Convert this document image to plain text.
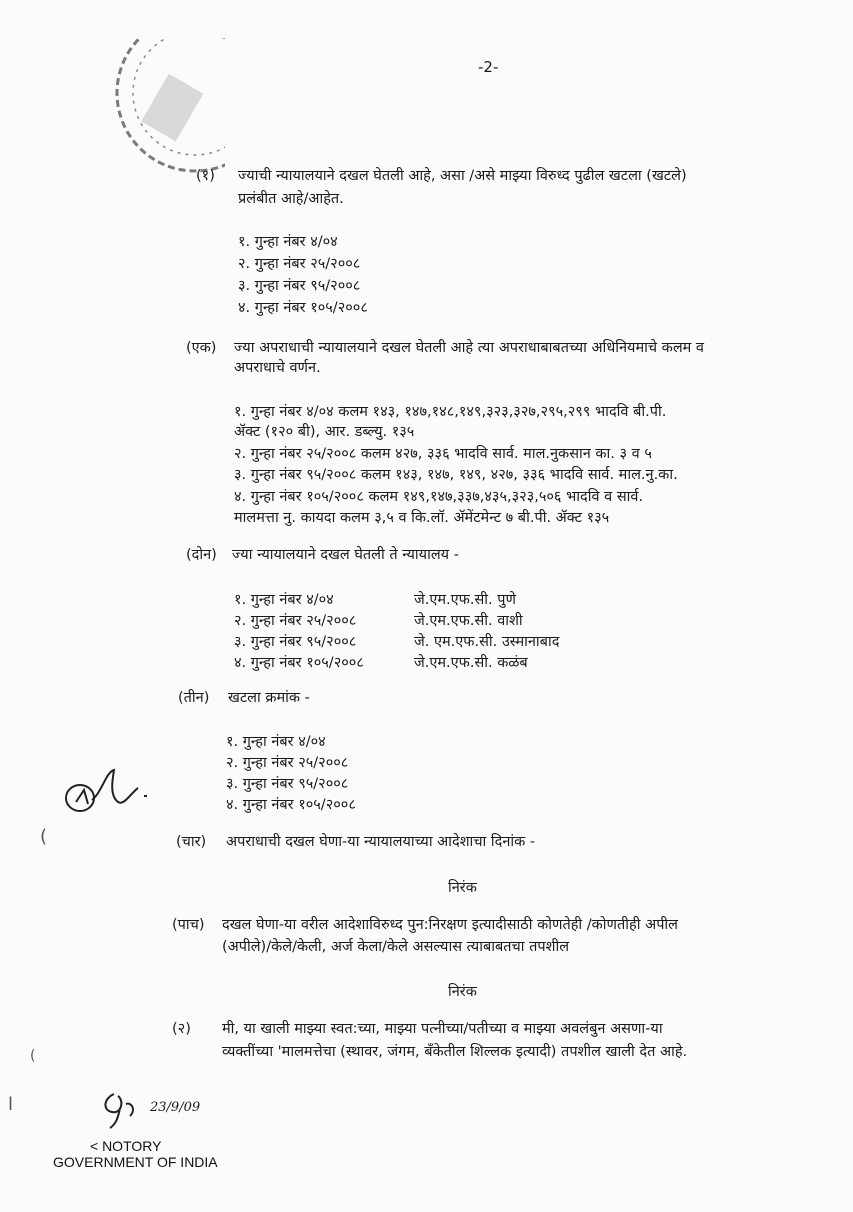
-2-
(१) ज्याची न्यायालयाने दखल घेतली आहे, असा /असे माझ्या विरुध्द पुढील खटला (खटले)
प्रलंबीत आहे/आहेत.
१. गुन्हा नंबर ४/०४
२. गुन्हा नंबर २५/२००८
३. गुन्हा नंबर ९५/२००८
४. गुन्हा नंबर १०५/२००८
(एक) ज्या अपराधाची न्यायालयाने दखल घेतली आहे त्या अपराधाबाबतच्या अधिनियमाचे कलम व
अपराधाचे वर्णन.
१. गुन्हा नंबर ४/०४ कलम १४३, १४७,१४८,१४९,३२३,३२७,२९५,२९९ भादवि बी.पी.
ॲक्ट (१२० बी), आर. डब्ल्यु. १३५
२. गुन्हा नंबर २५/२००८ कलम ४२७, ३३६ भादवि सार्व. माल.नुकसान का. ३ व ५
३. गुन्हा नंबर ९५/२००८ कलम १४३, १४७, १४९, ४२७, ३३६ भादवि सार्व. माल.नु.का.
४. गुन्हा नंबर १०५/२००८ कलम १४९,१४७,३३७,४३५,३२३,५०६ भादवि व सार्व.
मालमत्ता नु. कायदा कलम ३,५ व कि.लॉ. ॲमेंटमेन्ट ७ बी.पी. ॲक्ट १३५
(दोन) ज्या न्यायालयाने दखल घेतली ते न्यायालय -
१. गुन्हा नंबर ४/०४	जे.एम.एफ.सी. पुणे
२. गुन्हा नंबर २५/२००८	जे.एम.एफ.सी. वाशी
३. गुन्हा नंबर ९५/२००८	जे. एम.एफ.सी. उस्मानाबाद
४. गुन्हा नंबर १०५/२००८	जे.एम.एफ.सी. कळंब
(तीन) खटला क्रमांक -
१. गुन्हा नंबर ४/०४
२. गुन्हा नंबर २५/२००८
३. गुन्हा नंबर ९५/२००८
४. गुन्हा नंबर १०५/२००८
(	(चार) अपराधाची दखल घेणा-या न्यायालयाच्या आदेशाचा दिनांक -
निरंक
(पाच) दखल घेणा-या वरील आदेशाविरुध्द पुन:निरक्षण इत्यादीसाठी कोणतेही /कोणतीही अपील
(अपीले)/केले/केली, अर्ज केला/केले असल्यास त्याबाबतचा तपशील
निरंक
(२) मी, या खाली माझ्या स्वत:च्या, माझ्या पत्नीच्या/पतीच्या व माझ्या अवलंबुन असणा-या
व्यक्तींच्या 'मालमत्तेचा (स्थावर, जंगम, बँकेतील शिल्लक इत्यादी) तपशील खाली देत आहे.
(
l	23/9/09
< NOTORY
GOVERNMENT OF INDIA
